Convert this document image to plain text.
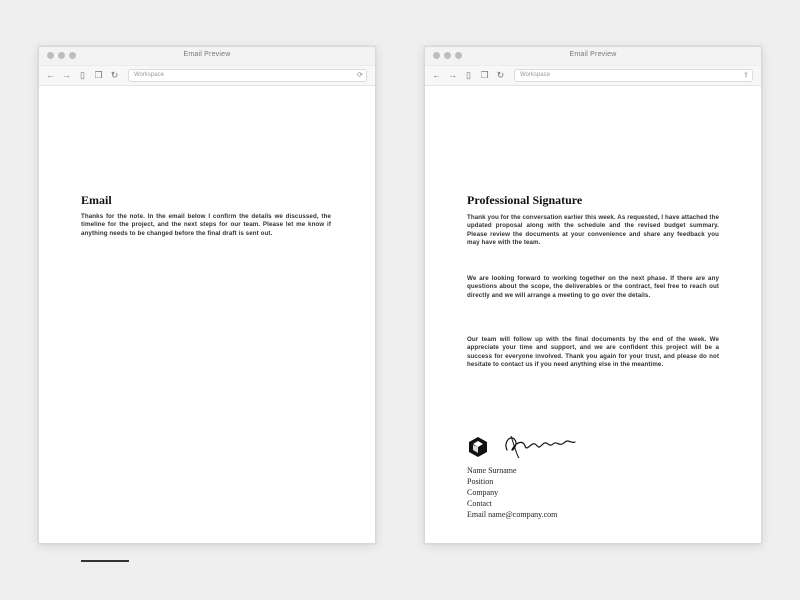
Email Preview
← →	▯	❐ ↻	Workspace	⟳
Email
Thanks for the note. In the email below I confirm the details we discussed, the timeline for the project, and the next steps for our team. Please let me know if anything needs to be changed before the final draft is sent out.
Email Preview
← →	▯	❐ ↻	Workspace	⇪
Professional Signature
Thank you for the conversation earlier this week. As requested, I have attached the updated proposal along with the schedule and the revised budget summary. Please review the documents at your convenience and share any feedback you may have with the team.
We are looking forward to working together on the next phase. If there are any questions about the scope, the deliverables or the contract, feel free to reach out directly and we will arrange a meeting to go over the details.
Our team will follow up with the final documents by the end of the week. We appreciate your time and support, and we are confident this project will be a success for everyone involved. Thank you again for your trust, and please do not hesitate to contact us if you need anything else in the meantime.
Name Surname
Position
Company
Contact
Email name@company.com
